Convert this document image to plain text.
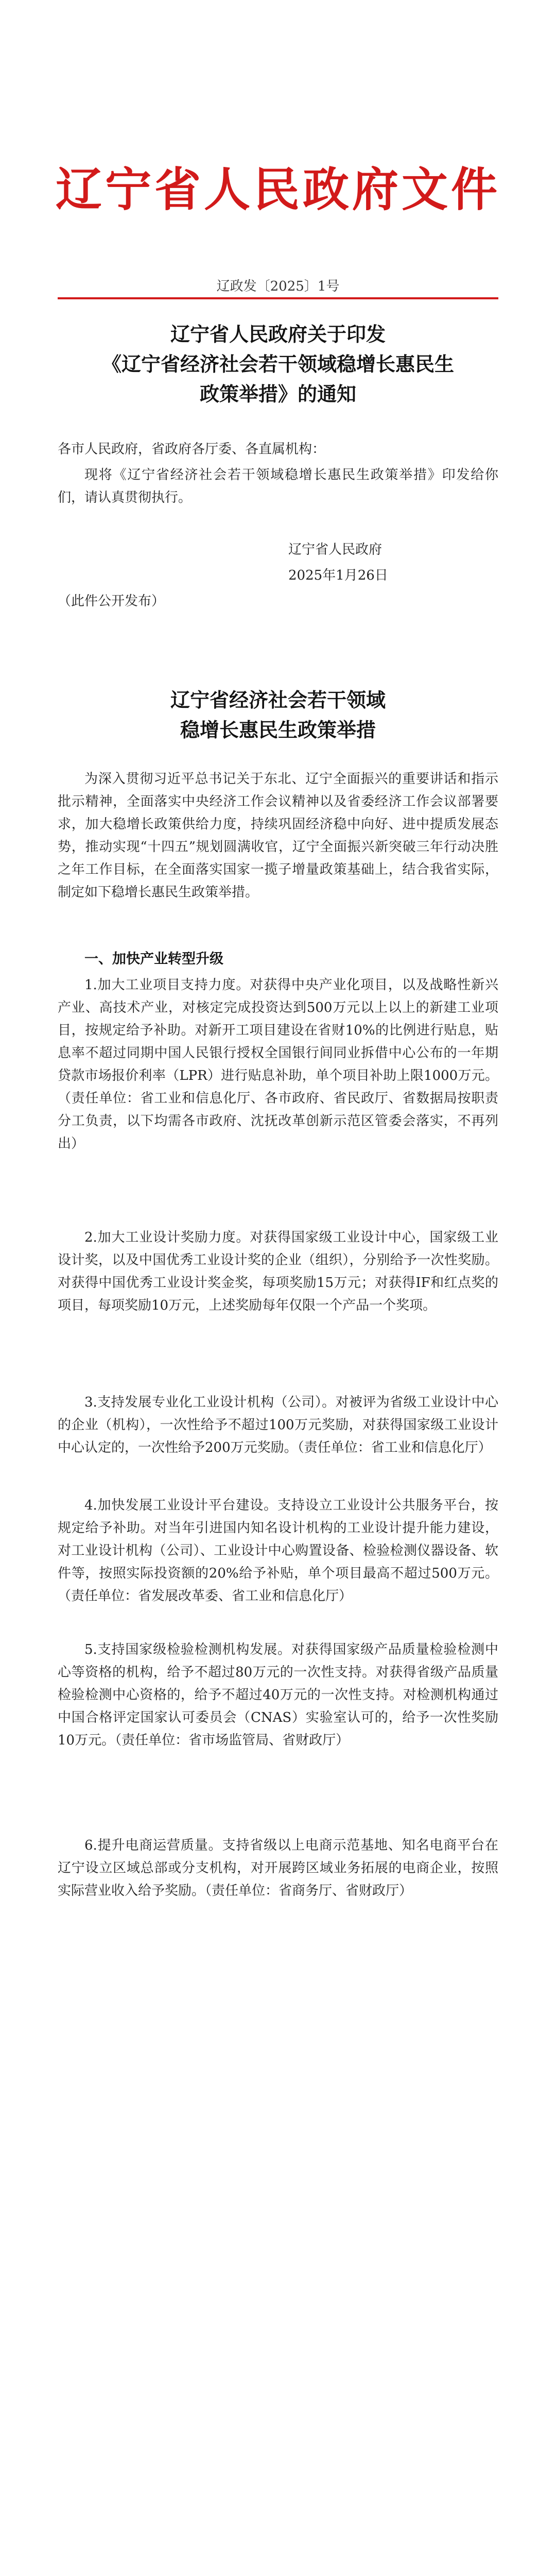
辽宁省人民政府文件
辽政发〔2025〕1号
辽宁省人民政府关于印发
《辽宁省经济社会若干领域稳增长惠民生
政策举措》的通知
各市人民政府，省政府各厅委、各直属机构：
现将《辽宁省经济社会若干领域稳增长惠民生政策举措》印发给你们，请认真贯彻执行。
辽宁省人民政府
2025年1月26日
（此件公开发布）
辽宁省经济社会若干领域
稳增长惠民生政策举措
为深入贯彻习近平总书记关于东北、辽宁全面振兴的重要讲话和指示批示精神，全面落实中央经济工作会议精神以及省委经济工作会议部署要求，加大稳增长政策供给力度，持续巩固经济稳中向好、进中提质发展态势，推动实现“十四五”规划圆满收官，辽宁全面振兴新突破三年行动决胜之年工作目标，在全面落实国家一揽子增量政策基础上，结合我省实际，制定如下稳增长惠民生政策举措。
一、加快产业转型升级
1.加大工业项目支持力度。对获得中央产业化项目，以及战略性新兴产业、高技术产业，对核定完成投资达到500万元以上以上的新建工业项目，按规定给予补助。对新开工项目建设在省财10%的比例进行贴息，贴息率不超过同期中国人民银行授权全国银行间同业拆借中心公布的一年期贷款市场报价利率（LPR）进行贴息补助，单个项目补助上限1000万元。（责任单位：省工业和信息化厅、各市政府、省民政厅、省数据局按职责分工负责，以下均需各市政府、沈抚改革创新示范区管委会落实，不再列出）
2.加大工业设计奖励力度。对获得国家级工业设计中心，国家级工业设计奖，以及中国优秀工业设计奖的企业（组织），分别给予一次性奖励。对获得中国优秀工业设计奖金奖，每项奖励15万元；对获得IF和红点奖的项目，每项奖励10万元，上述奖励每年仅限一个产品一个奖项。
3.支持发展专业化工业设计机构（公司）。对被评为省级工业设计中心的企业（机构），一次性给予不超过100万元奖励，对获得国家级工业设计中心认定的，一次性给予200万元奖励。（责任单位：省工业和信息化厅）
4.加快发展工业设计平台建设。支持设立工业设计公共服务平台，按规定给予补助。对当年引进国内知名设计机构的工业设计提升能力建设，对工业设计机构（公司）、工业设计中心购置设备、检验检测仪器设备、软件等，按照实际投资额的20%给予补贴，单个项目最高不超过500万元。（责任单位：省发展改革委、省工业和信息化厅）
5.支持国家级检验检测机构发展。对获得国家级产品质量检验检测中心等资格的机构，给予不超过80万元的一次性支持。对获得省级产品质量检验检测中心资格的，给予不超过40万元的一次性支持。对检测机构通过中国合格评定国家认可委员会（CNAS）实验室认可的，给予一次性奖励10万元。（责任单位：省市场监管局、省财政厅）
6.提升电商运营质量。支持省级以上电商示范基地、知名电商平台在辽宁设立区域总部或分支机构，对开展跨区域业务拓展的电商企业，按照实际营业收入给予奖励。（责任单位：省商务厅、省财政厅）
